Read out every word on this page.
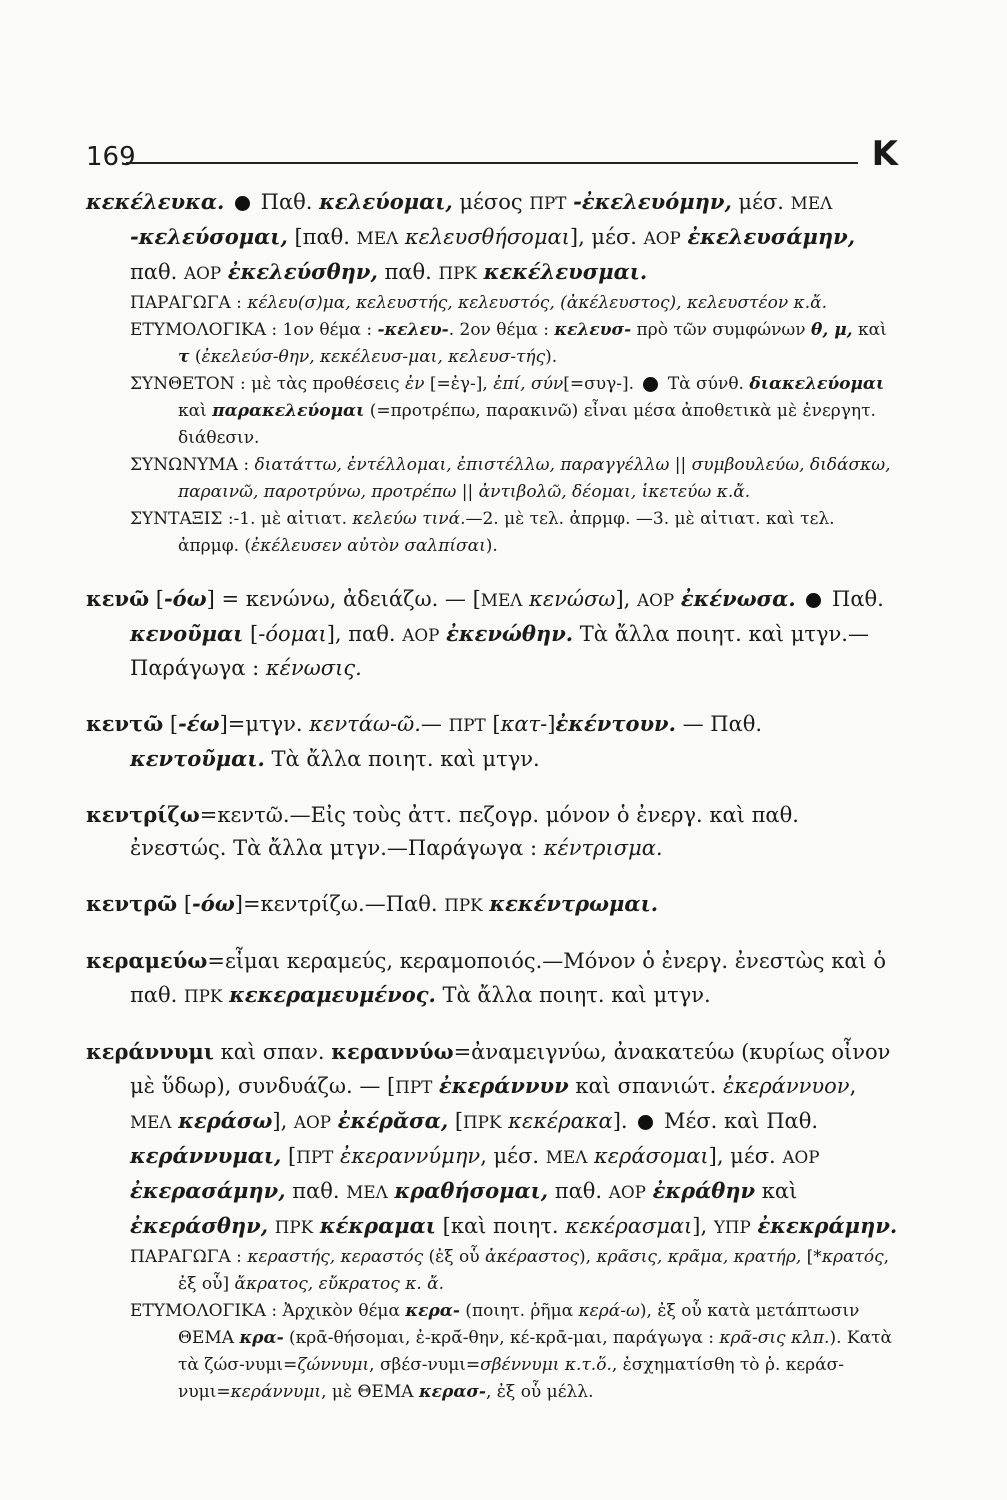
169	K
κεκέλευκα.  Παθ. κελεύομαι, μέσος ΠΡΤ -ἐκελευόμην, μέσ. ΜΕΛ -κελεύσομαι, [παθ. ΜΕΛ κελευσθήσομαι], μέσ. ΑΟΡ ἐκελευσάμην, παθ. ΑΟΡ ἐκελεύσθην, παθ. ΠΡΚ κεκέλευσμαι.
ΠΑΡΑΓΩΓΑ : κέλευ(σ)μα, κελευστής, κελευστός, (ἀκέλευστος), κελευστέον κ.ἄ.
ΕΤΥΜΟΛΟΓΙΚΑ : 1ον θέμα : -κελευ-. 2ον θέμα : κελευσ- πρὸ τῶν συμφώνων θ, μ, καὶ τ (ἐκελεύσ-θην, κεκέλευσ-μαι, κελευσ-τής).
ΣΥΝΘΕΤΟΝ : μὲ τὰς προθέσεις ἐν [=ἐγ-], ἐπί, σύν[=συγ-].  Τὰ σύνθ. διακελεύομαι καὶ παρακελεύομαι (=προτρέπω, παρακινῶ) εἶναι μέσα ἀποθετικὰ μὲ ἐνεργητ. διάθεσιν.
ΣΥΝΩΝΥΜΑ : διατάττω, ἐντέλλομαι, ἐπιστέλλω, παραγγέλλω || συμβουλεύω, διδάσκω, παραινῶ, παροτρύνω, προτρέπω || ἀντιβολῶ, δέομαι, ἱκετεύω κ.ἄ.
ΣΥΝΤΑΞΙΣ :-1. μὲ αἰτιατ. κελεύω τινά.—2. μὲ τελ. ἀπρμφ. —3. μὲ αἰτιατ. καὶ τελ. ἀπρμφ. (ἐκέλευσεν αὐτὸν σαλπίσαι).
κενῶ [-όω] = κενώνω, ἀδειάζω. — [ΜΕΛ κενώσω], ΑΟΡ ἐκένωσα.  Παθ. κενοῦμαι [-όομαι], παθ. ΑΟΡ ἐκενώθην. Τὰ ἄλλα ποιητ. καὶ μτγν.—Παράγωγα : κένωσις.
κεντῶ [-έω]=μτγν. κεντάω-ῶ.— ΠΡΤ [κατ-]ἐκέντουν. — Παθ. κεντοῦμαι. Τὰ ἄλλα ποιητ. καὶ μτγν.
κεντρίζω=κεντῶ.—Εἰς τοὺς ἀττ. πεζογρ. μόνον ὁ ἐνεργ. καὶ παθ. ἐνεστώς. Τὰ ἄλλα μτγν.—Παράγωγα : κέντρισμα.
κεντρῶ [-όω]=κεντρίζω.—Παθ. ΠΡΚ κεκέντρωμαι.
κεραμεύω=εἶμαι κεραμεύς, κεραμοποιός.—Μόνον ὁ ἐνεργ. ἐνεστὼς καὶ ὁ παθ. ΠΡΚ κεκεραμευμένος. Τὰ ἄλλα ποιητ. καὶ μτγν.
κεράννυμι καὶ σπαν. κεραννύω=ἀναμειγνύω, ἀνακατεύω (κυρίως οἶνον μὲ ὕδωρ), συνδυάζω. — [ΠΡΤ ἐκεράννυν καὶ σπανιώτ. ἐκεράννυον, ΜΕΛ κεράσω], ΑΟΡ ἐκέρᾰσα, [ΠΡΚ κεκέρακα].  Μέσ. καὶ Παθ. κεράννυμαι, [ΠΡΤ ἐκεραννύμην, μέσ. ΜΕΛ κεράσομαι], μέσ. ΑΟΡ ἐκερασάμην, παθ. ΜΕΛ κραθήσομαι, παθ. ΑΟΡ ἐκράθην καὶ ἐκεράσθην, ΠΡΚ κέκραμαι [καὶ ποιητ. κεκέρασμαι], ΥΠΡ ἐκεκράμην.
ΠΑΡΑΓΩΓΑ : κεραστής, κεραστός (ἐξ οὗ ἀκέραστος), κρᾶσις, κρᾶμα, κρατήρ, [*κρατός, ἐξ οὗ] ἄκρατος, εὔκρατος κ. ἄ.
ΕΤΥΜΟΛΟΓΙΚΑ : Ἀρχικὸν θέμα κερα- (ποιητ. ῥῆμα κερά-ω), ἐξ οὗ κατὰ μετάπτωσιν ΘΕΜΑ κρα- (κρᾱ-θήσομαι, ἐ-κρᾱ́-θην, κέ-κρᾱ-μαι, παράγωγα : κρᾶ-σις κλπ.). Κατὰ τὰ ζώσ-νυμι=ζώννυμι, σβέσ-νυμι=σβέννυμι κ.τ.ὅ., ἐσχηματίσθη τὸ ῥ. κεράσ-νυμι=κεράννυμι, μὲ ΘΕΜΑ κερασ-, ἐξ οὗ μέλλ.
